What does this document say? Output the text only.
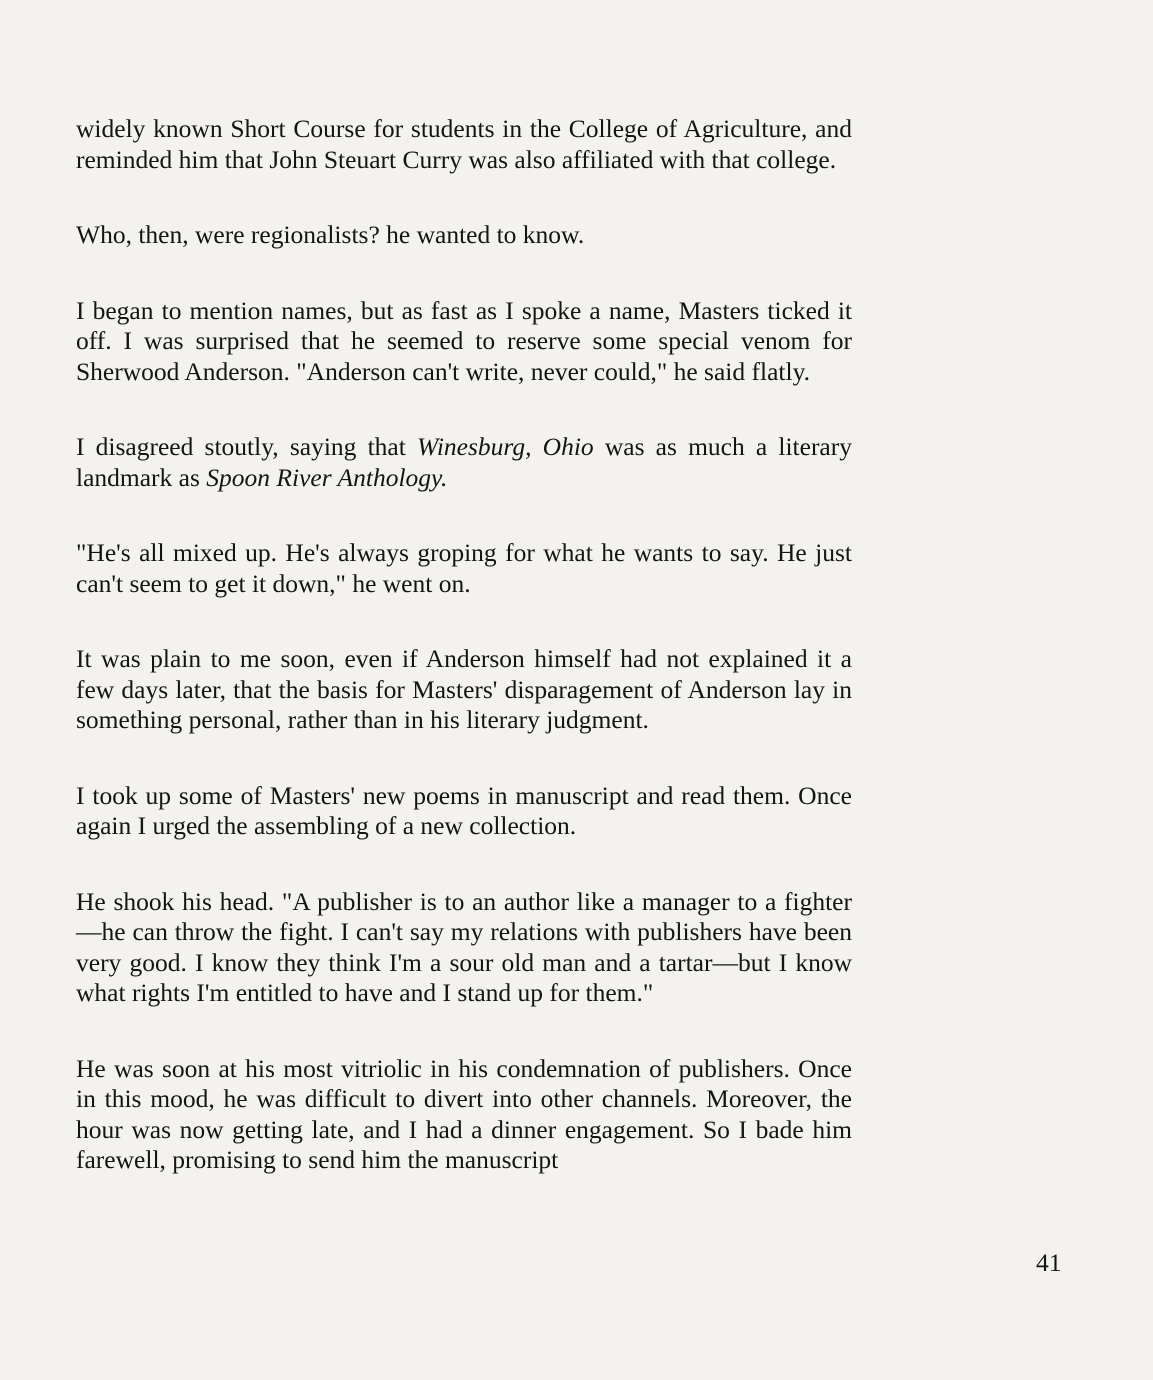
widely known Short Course for students in the College of Agriculture, and reminded him that John Steuart Curry was also affiliated with that college.

Who, then, were regionalists? he wanted to know.

I began to mention names, but as fast as I spoke a name, Masters ticked it off. I was surprised that he seemed to reserve some special venom for Sherwood Anderson. "Anderson can't write, never could," he said flatly.

I disagreed stoutly, saying that Winesburg, Ohio was as much a literary landmark as Spoon River Anthology.

"He's all mixed up. He's always groping for what he wants to say. He just can't seem to get it down," he went on.

It was plain to me soon, even if Anderson himself had not explained it a few days later, that the basis for Masters' disparagement of Anderson lay in something personal, rather than in his literary judgment.

I took up some of Masters' new poems in manuscript and read them. Once again I urged the assembling of a new collection.

He shook his head. "A publisher is to an author like a manager to a fighter—he can throw the fight. I can't say my relations with publishers have been very good. I know they think I'm a sour old man and a tartar—but I know what rights I'm entitled to have and I stand up for them."

He was soon at his most vitriolic in his condemnation of publishers. Once in this mood, he was difficult to divert into other channels. Moreover, the hour was now getting late, and I had a dinner engagement. So I bade him farewell, promising to send him the manuscript

41
